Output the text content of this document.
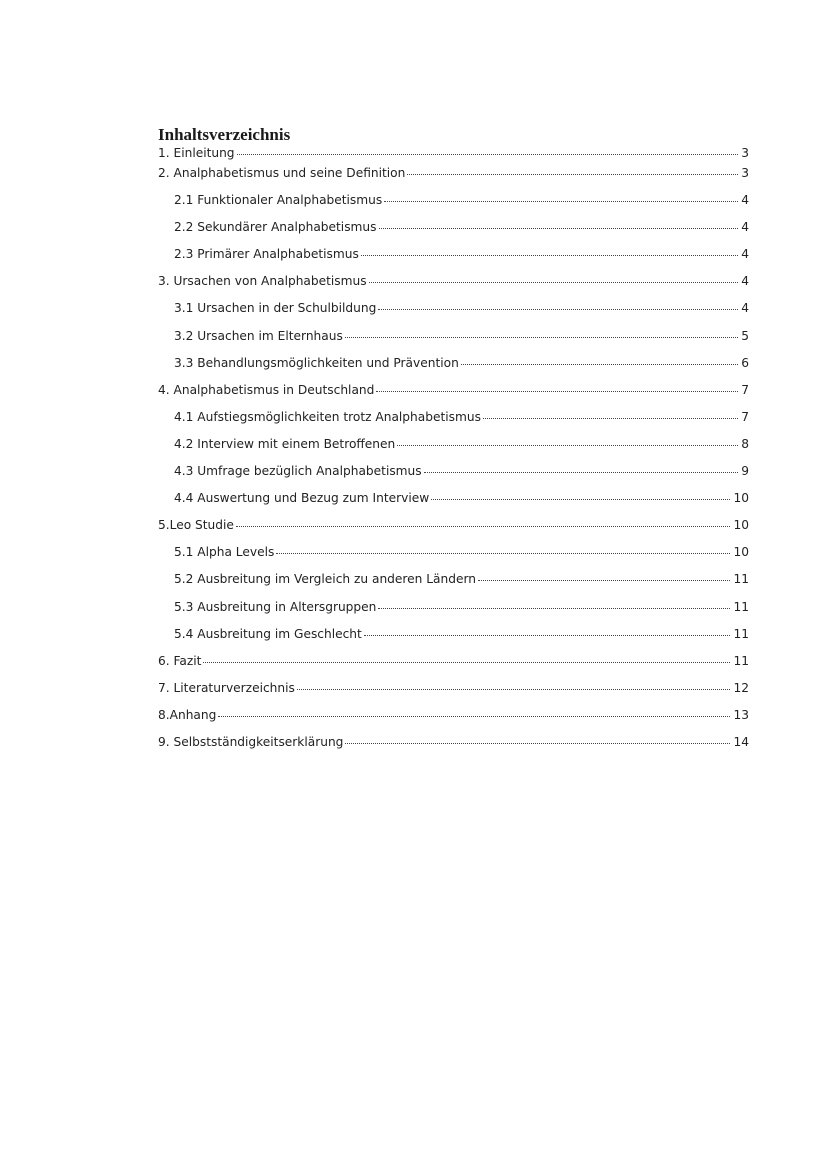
Inhaltsverzeichnis
1. Einleitung	3
2. Analphabetismus und seine Definition	3
2.1 Funktionaler Analphabetismus	4
2.2 Sekundärer Analphabetismus	4
2.3 Primärer Analphabetismus	4
3. Ursachen von Analphabetismus	4
3.1 Ursachen in der Schulbildung	4
3.2 Ursachen im Elternhaus	5
3.3 Behandlungsmöglichkeiten und Prävention	6
4. Analphabetismus in Deutschland	7
4.1 Aufstiegsmöglichkeiten trotz Analphabetismus	7
4.2 Interview mit einem Betroffenen	8
4.3 Umfrage bezüglich Analphabetismus	9
4.4 Auswertung und Bezug zum Interview	10
5.Leo Studie	10
5.1 Alpha Levels	10
5.2 Ausbreitung im Vergleich zu anderen Ländern	11
5.3 Ausbreitung in Altersgruppen	11
5.4 Ausbreitung im Geschlecht	11
6. Fazit	11
7. Literaturverzeichnis	12
8.Anhang	13
9. Selbstständigkeitserklärung	14
